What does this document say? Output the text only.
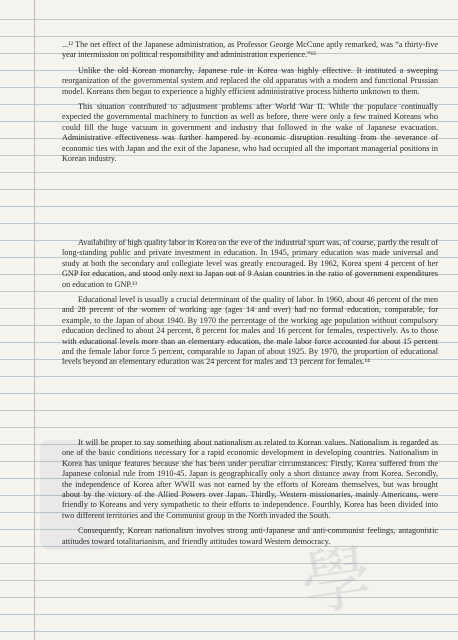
學

...¹² The net effect of the Japanese administration, as Professor George McCune aptly remarked, was “a thirty-five year intermission on political responsibility and administration experience.”¹³

Unlike the old Korean monarchy, Japanese rule in Korea was highly effective. It instituted a sweeping reorganization of the governmental system and replaced the old apparatus with a modern and functional Prussian model. Koreans then began to experience a highly efficient administrative process hitherto unknown to them.

This situation contributed to adjustment problems after World War II. While the populace continually expected the governmental machinery to function as well as before, there were only a few trained Koreans who could fill the huge vacuum in government and industry that followed in the wake of Japanese evacuation. Administrative effectiveness was further hampered by economic disruption resulting from the severance of economic ties with Japan and the exit of the Japanese, who had occupied all the important managerial positions in Korean industry.

Availability of high quality labor in Korea on the eve of the industrial spurt was, of course, partly the result of long-standing public and private investment in education. In 1945, primary education was made universal and study at both the secondary and collegiate level was greatly encouraged. By 1962, Korea spent 4 percent of her GNP for education, and stood only next to Japan out of 9 Asian countries in the ratio of government expenditures on education to GNP.¹³

Educational level is usually a crucial determinant of the quality of labor. In 1960, about 46 percent of the men and 28 percent of the women of working age (ages 14 and over) had no formal education, comparable, for example, to the Japan of about 1940. By 1970 the percentage of the working age population without compulsory education declined to about 24 percent, 8 percent for males and 16 percent for females, respectively. As to those with educational levels more than an elementary education, the male labor force accounted for about 15 percent and the female labor force 5 percent, comparable to Japan of about 1925. By 1970, the proportion of educational levels beyond an elementary education was 24 percent for males and 13 percent for females.¹⁴

It will be proper to say something about nationalism as related to Korean values. Nationalism is regarded as one of the basic conditions necessary for a rapid economic development in developing countries. Nationalism in Korea has unique features because she has been under peculiar circumstances: Firstly, Korea suffered from the Japanese colonial rule from 1910-45. Japan is geographically only a short distance away from Korea. Secondly, the independence of Korea after WWII was not earned by the efforts of Koreans themselves, but was brought about by the victory of the Allied Powers over Japan. Thirdly, Western missionaries, mainly Americans, were friendly to Koreans and very sympathetic to their efforts to independence. Fourthly, Korea has been divided into two different territories and the Communist group in the North invaded the South.

Consequently, Korean nationalism involves strong anti-Japanese and anti-communist feelings, antagonistic attitudes toward totalitarianism, and friendly attitudes toward Western democracy.
